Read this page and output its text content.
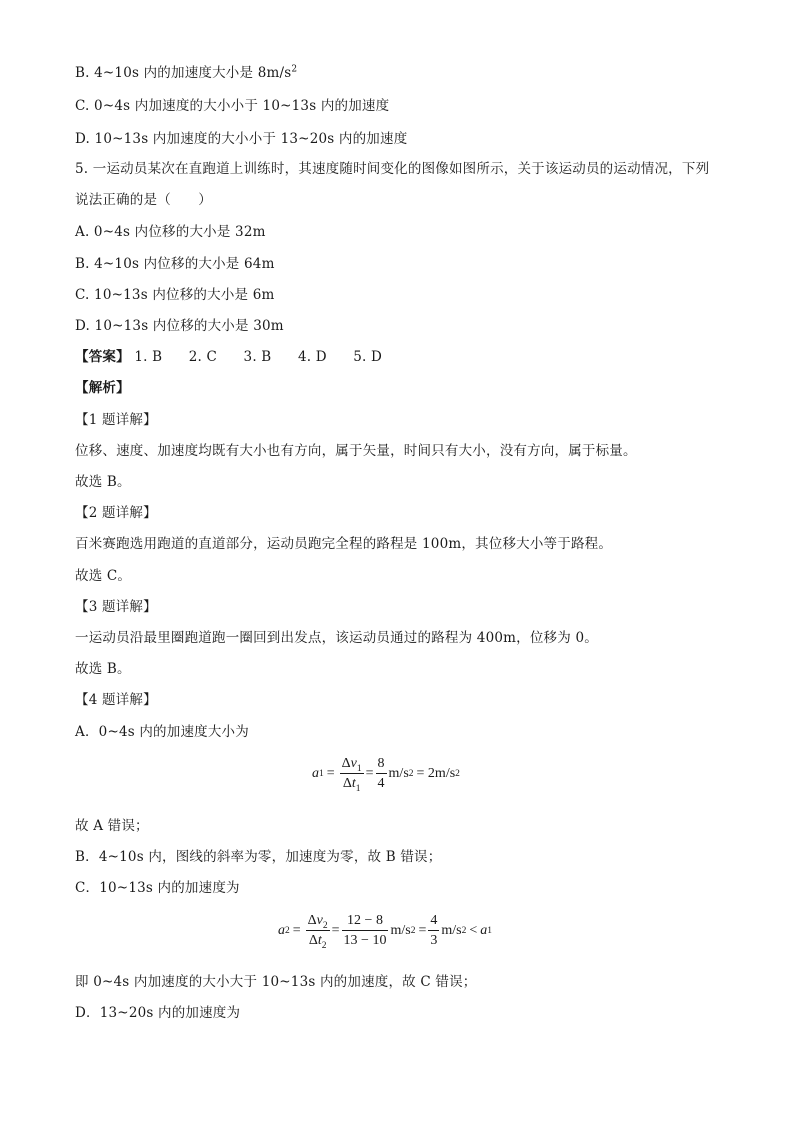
B. 4~10s 内的加速度大小是 $8m/s^2$
C. 0~4s 内加速度的大小小于 10~13s 内的加速度
D. 10~13s 内加速度的大小小于 13~20s 内的加速度
5. 一运动员某次在直跑道上训练时，其速度随时间变化的图像如图所示，关于该运动员的运动情况，下列
说法正确的是（　　）
A. 0~4s 内位移的大小是 32m
B. 4~10s 内位移的大小是 64m
C. 10~13s 内位移的大小是 6m
D. 10~13s 内位移的大小是 30m
【答案】 1. B 2. C 3. B 4. D 5. D
【解析】
【1 题详解】
位移、速度、加速度均既有大小也有方向，属于矢量，时间只有大小，没有方向，属于标量。
故选 B。
【2 题详解】
百米赛跑选用跑道的直道部分，运动员跑完全程的路程是 100m，其位移大小等于路程。
故选 C。
【3 题详解】
一运动员沿最里圈跑道跑一圈回到出发点，该运动员通过的路程为 400m，位移为 0。
故选 B。
【4 题详解】
A．0~4s 内的加速度大小为
a $1 = \frac{\Delta v_1}{\Delta t_1} = \frac{8}{4} m/s$ 2 = 2m/s 2
故 A 错误；
B．4~10s 内，图线的斜率为零，加速度为零，故 B 错误；
C．10~13s 内的加速度为
a $2 = \frac{\Delta v_2}{\Delta t_2} = \frac{12 - 8}{13 - 10} m/s$ $2 = \frac{4}{3} m/s$ 2 < a 1
即 0~4s 内加速度的大小大于 10~13s 内的加速度，故 C 错误；
D．13~20s 内的加速度为
